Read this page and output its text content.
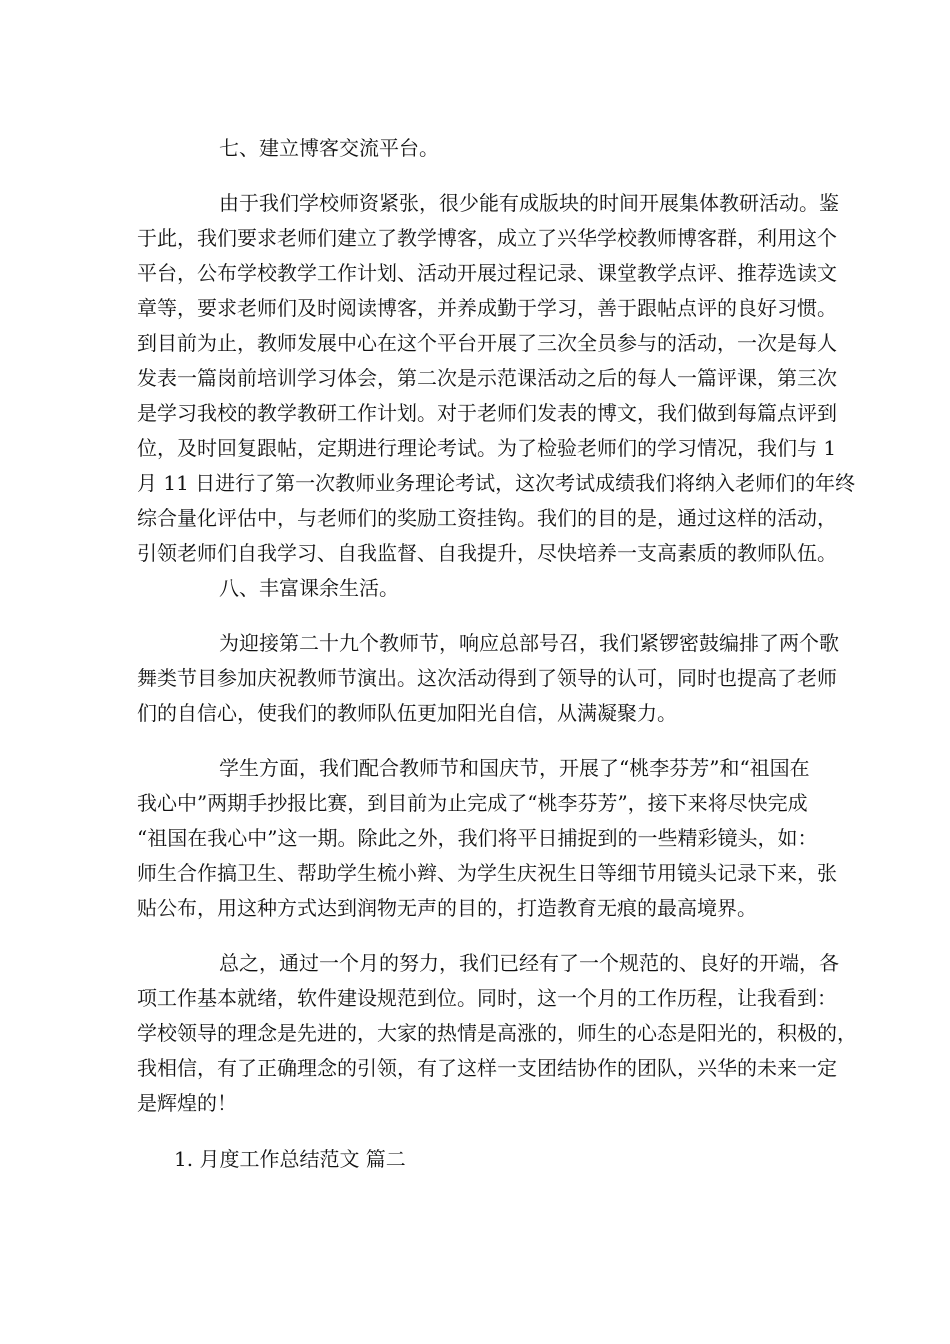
七、建立博客交流平台。
由于我们学校师资紧张，很少能有成版块的时间开展集体教研活动。鉴
于此，我们要求老师们建立了教学博客，成立了兴华学校教师博客群，利用这个
平台，公布学校教学工作计划、活动开展过程记录、课堂教学点评、推荐选读文
章等，要求老师们及时阅读博客，并养成勤于学习，善于跟帖点评的良好习惯。
到目前为止，教师发展中心在这个平台开展了三次全员参与的活动，一次是每人
发表一篇岗前培训学习体会，第二次是示范课活动之后的每人一篇评课，第三次
是学习我校的教学教研工作计划。对于老师们发表的博文，我们做到每篇点评到
位，及时回复跟帖，定期进行理论考试。为了检验老师们的学习情况，我们与 1
月 11 日进行了第一次教师业务理论考试，这次考试成绩我们将纳入老师们的年终
综合量化评估中，与老师们的奖励工资挂钩。我们的目的是，通过这样的活动，
引领老师们自我学习、自我监督、自我提升，尽快培养一支高素质的教师队伍。
八、丰富课余生活。
为迎接第二十九个教师节，响应总部号召，我们紧锣密鼓编排了两个歌
舞类节目参加庆祝教师节演出。这次活动得到了领导的认可，同时也提高了老师
们的自信心，使我们的教师队伍更加阳光自信，从满凝聚力。
学生方面，我们配合教师节和国庆节，开展了“桃李芬芳”和“祖国在
我心中”两期手抄报比赛，到目前为止完成了“桃李芬芳”，接下来将尽快完成
“祖国在我心中”这一期。除此之外，我们将平日捕捉到的一些精彩镜头，如：
师生合作搞卫生、帮助学生梳小辫、为学生庆祝生日等细节用镜头记录下来，张
贴公布，用这种方式达到润物无声的目的，打造教育无痕的最高境界。
总之，通过一个月的努力，我们已经有了一个规范的、良好的开端，各
项工作基本就绪，软件建设规范到位。同时，这一个月的工作历程，让我看到：
学校领导的理念是先进的，大家的热情是高涨的，师生的心态是阳光的，积极的，
我相信，有了正确理念的引领，有了这样一支团结协作的团队，兴华的未来一定
是辉煌的！
1. 月度工作总结范文 篇二
